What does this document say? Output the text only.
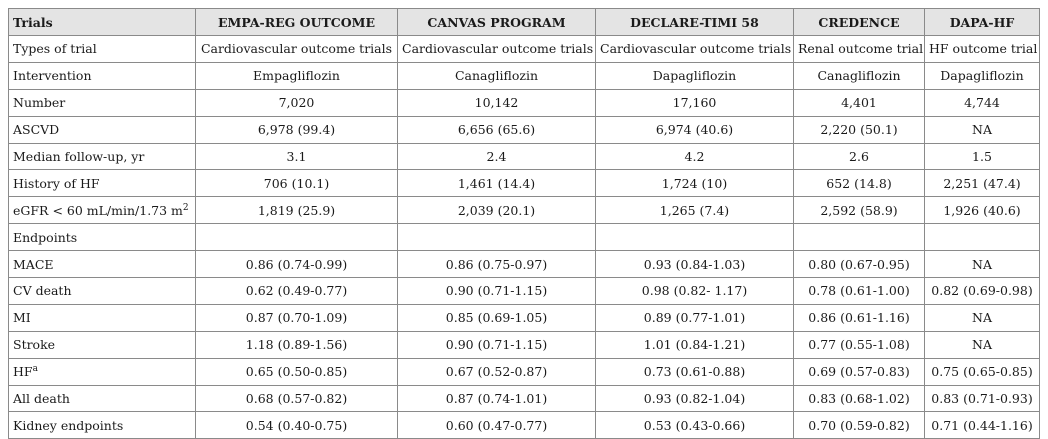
Trials	EMPA-REG OUTCOME	CANVAS PROGRAM	DECLARE-TIMI 58	CREDENCE	DAPA-HF
Types of trial	Cardiovascular outcome trials	Cardiovascular outcome trials	Cardiovascular outcome trials	Renal outcome trial	HF outcome trial
Intervention	Empagliflozin	Canagliflozin	Dapagliflozin	Canagliflozin	Dapagliflozin
Number	7,020	10,142	17,160	4,401	4,744
ASCVD	6,978 (99.4)	6,656 (65.6)	6,974 (40.6)	2,220 (50.1)	NA
Median follow-up, yr	3.1	2.4	4.2	2.6	1.5
History of HF	706 (10.1)	1,461 (14.4)	1,724 (10)	652 (14.8)	2,251 (47.4)
eGFR < 60 mL/min/1.73 $m^2$	1,819 (25.9)	2,039 (20.1)	1,265 (7.4)	2,592 (58.9)	1,926 (40.6)
Endpoints					
MACE	0.86 (0.74-0.99)	0.86 (0.75-0.97)	0.93 (0.84-1.03)	0.80 (0.67-0.95)	NA
CV death	0.62 (0.49-0.77)	0.90 (0.71-1.15)	0.98 (0.82- 1.17)	0.78 (0.61-1.00)	0.82 (0.69-0.98)
MI	0.87 (0.70-1.09)	0.85 (0.69-1.05)	0.89 (0.77-1.01)	0.86 (0.61-1.16)	NA
Stroke	1.18 (0.89-1.56)	0.90 (0.71-1.15)	1.01 (0.84-1.21)	0.77 (0.55-1.08)	NA
$HF^a$	0.65 (0.50-0.85)	0.67 (0.52-0.87)	0.73 (0.61-0.88)	0.69 (0.57-0.83)	0.75 (0.65-0.85)
All death	0.68 (0.57-0.82)	0.87 (0.74-1.01)	0.93 (0.82-1.04)	0.83 (0.68-1.02)	0.83 (0.71-0.93)
Kidney endpoints	0.54 (0.40-0.75)	0.60 (0.47-0.77)	0.53 (0.43-0.66)	0.70 (0.59-0.82)	0.71 (0.44-1.16)
